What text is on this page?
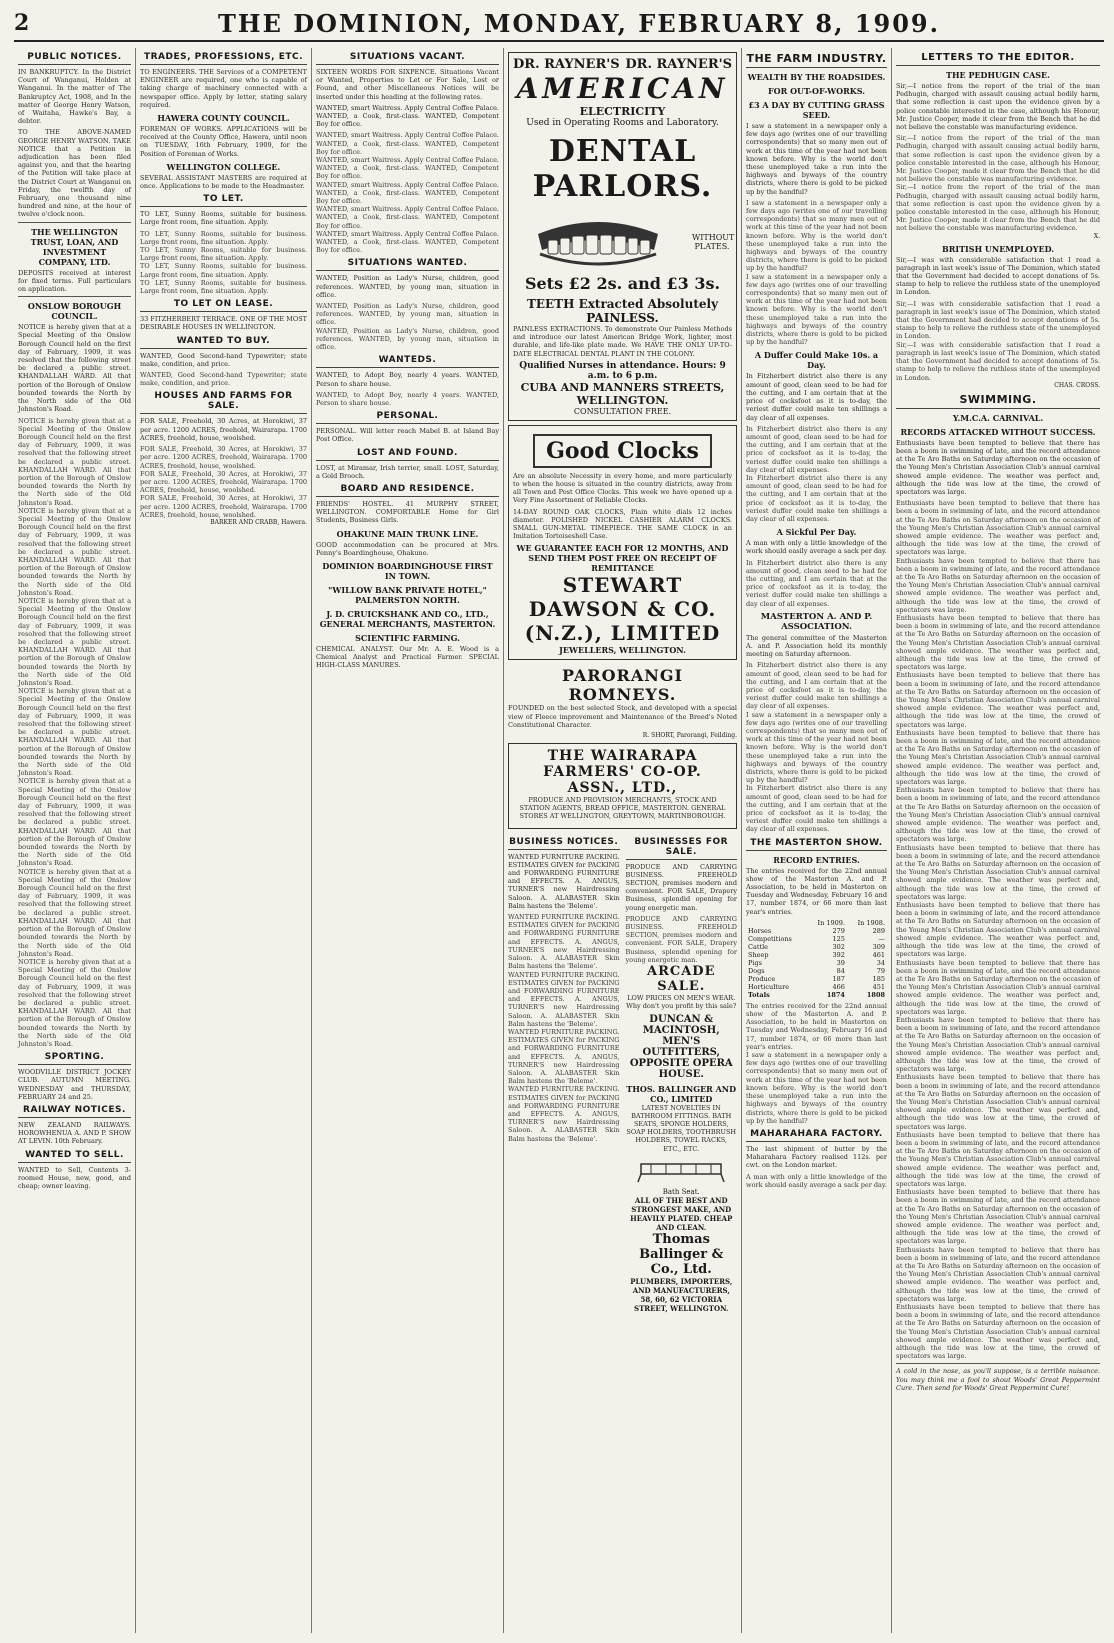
2	THE DOMINION, MONDAY, FEBRUARY 8, 1909.
PUBLIC NOTICES.
IN BANKRUPTCY. In the District Court of Wanganui, Holden at Wanganui. In the matter of The Bankruptcy Act, 1908, and In the matter of George Henry Watson, of Waitaha, Hawke's Bay, a debtor.
TO THE ABOVE-NAMED GEORGE HENRY WATSON. TAKE NOTICE that a Petition in adjudication has been filed against you, and that the hearing of the Petition will take place at the District Court at Wanganui on Friday, the twelfth day of February, one thousand nine hundred and nine, at the hour of twelve o'clock noon.
THE WELLINGTON TRUST, LOAN, AND INVESTMENT COMPANY, LTD.
DEPOSITS received at interest for fixed terms. Full particulars on application.
ONSLOW BOROUGH COUNCIL.
NOTICE is hereby given that at a Special Meeting of the Onslow Borough Council held on the first day of February, 1909, it was resolved that the following street be declared a public street. KHANDALLAH WARD. All that portion of the Borough of Onslow bounded towards the North by the North side of the Old Johnston's Road.
NOTICE is hereby given that at a Special Meeting of the Onslow Borough Council held on the first day of February, 1909, it was resolved that the following street be declared a public street. KHANDALLAH WARD. All that portion of the Borough of Onslow bounded towards the North by the North side of the Old Johnston's Road.
NOTICE is hereby given that at a Special Meeting of the Onslow Borough Council held on the first day of February, 1909, it was resolved that the following street be declared a public street. KHANDALLAH WARD. All that portion of the Borough of Onslow bounded towards the North by the North side of the Old Johnston's Road.
NOTICE is hereby given that at a Special Meeting of the Onslow Borough Council held on the first day of February, 1909, it was resolved that the following street be declared a public street. KHANDALLAH WARD. All that portion of the Borough of Onslow bounded towards the North by the North side of the Old Johnston's Road.
NOTICE is hereby given that at a Special Meeting of the Onslow Borough Council held on the first day of February, 1909, it was resolved that the following street be declared a public street. KHANDALLAH WARD. All that portion of the Borough of Onslow bounded towards the North by the North side of the Old Johnston's Road.
NOTICE is hereby given that at a Special Meeting of the Onslow Borough Council held on the first day of February, 1909, it was resolved that the following street be declared a public street. KHANDALLAH WARD. All that portion of the Borough of Onslow bounded towards the North by the North side of the Old Johnston's Road.
NOTICE is hereby given that at a Special Meeting of the Onslow Borough Council held on the first day of February, 1909, it was resolved that the following street be declared a public street. KHANDALLAH WARD. All that portion of the Borough of Onslow bounded towards the North by the North side of the Old Johnston's Road.
NOTICE is hereby given that at a Special Meeting of the Onslow Borough Council held on the first day of February, 1909, it was resolved that the following street be declared a public street. KHANDALLAH WARD. All that portion of the Borough of Onslow bounded towards the North by the North side of the Old Johnston's Road.
SPORTING.
WOODVILLE DISTRICT JOCKEY CLUB. AUTUMN MEETING. WEDNESDAY and THURSDAY, FEBRUARY 24 and 25.
RAILWAY NOTICES.
NEW ZEALAND RAILWAYS. HOROWHENUA A. AND P. SHOW AT LEVIN. 10th February.
WANTED TO SELL.
WANTED to Sell, Contents 3-roomed House, new, good, and cheap; owner leaving.
TRADES, PROFESSIONS, ETC.
TO ENGINEERS. THE Services of a COMPETENT ENGINEER are required, one who is capable of taking charge of machinery connected with a newspaper office. Apply by letter, stating salary required.
HAWERA COUNTY COUNCIL.
FOREMAN OF WORKS. APPLICATIONS will be received at the County Office, Hawera, until noon on TUESDAY, 16th February, 1909, for the Position of Foreman of Works.
WELLINGTON COLLEGE.
SEVERAL ASSISTANT MASTERS are required at once. Applications to be made to the Headmaster.
TO LET.
TO LET, Sunny Rooms, suitable for business. Large front room, fine situation. Apply.
TO LET, Sunny Rooms, suitable for business. Large front room, fine situation. Apply.
TO LET, Sunny Rooms, suitable for business. Large front room, fine situation. Apply.
TO LET, Sunny Rooms, suitable for business. Large front room, fine situation. Apply.
TO LET, Sunny Rooms, suitable for business. Large front room, fine situation. Apply.
TO LET ON LEASE.
33 FITZHERBERT TERRACE. ONE OF THE MOST DESIRABLE HOUSES IN WELLINGTON.
WANTED TO BUY.
WANTED, Good Second-hand Typewriter; state make, condition, and price.
WANTED, Good Second-hand Typewriter; state make, condition, and price.
HOUSES AND FARMS FOR SALE.
FOR SALE, Freehold, 30 Acres, at Horokiwi, 37 per acre. 1200 ACRES, freehold, Wairarapa. 1700 ACRES, freehold, house, woolshed.
FOR SALE, Freehold, 30 Acres, at Horokiwi, 37 per acre. 1200 ACRES, freehold, Wairarapa. 1700 ACRES, freehold, house, woolshed.
FOR SALE, Freehold, 30 Acres, at Horokiwi, 37 per acre. 1200 ACRES, freehold, Wairarapa. 1700 ACRES, freehold, house, woolshed.
FOR SALE, Freehold, 30 Acres, at Horokiwi, 37 per acre. 1200 ACRES, freehold, Wairarapa. 1700 ACRES, freehold, house, woolshed.
BARKER AND CRABB, Hawera.
SITUATIONS VACANT.
SIXTEEN WORDS FOR SIXPENCE. Situations Vacant or Wanted, Properties to Let or For Sale, Lost or Found, and other Miscellaneous Notices will be inserted under this heading at the following rates.
WANTED, smart Waitress. Apply Central Coffee Palace. WANTED, a Cook, first-class. WANTED, Competent Boy for office.
WANTED, smart Waitress. Apply Central Coffee Palace. WANTED, a Cook, first-class. WANTED, Competent Boy for office.
WANTED, smart Waitress. Apply Central Coffee Palace. WANTED, a Cook, first-class. WANTED, Competent Boy for office.
WANTED, smart Waitress. Apply Central Coffee Palace. WANTED, a Cook, first-class. WANTED, Competent Boy for office.
WANTED, smart Waitress. Apply Central Coffee Palace. WANTED, a Cook, first-class. WANTED, Competent Boy for office.
WANTED, smart Waitress. Apply Central Coffee Palace. WANTED, a Cook, first-class. WANTED, Competent Boy for office.
SITUATIONS WANTED.
WANTED, Position as Lady's Nurse, children, good references. WANTED, by young man, situation in office.
WANTED, Position as Lady's Nurse, children, good references. WANTED, by young man, situation in office.
WANTED, Position as Lady's Nurse, children, good references. WANTED, by young man, situation in office.
WANTEDS.
WANTED, to Adopt Boy, nearly 4 years. WANTED, Person to share house.
WANTED, to Adopt Boy, nearly 4 years. WANTED, Person to share house.
PERSONAL.
PERSONAL. Will letter reach Mabel B. at Island Bay Post Office.
LOST AND FOUND.
LOST, at Miramar, Irish terrier, small. LOST, Saturday, a Gold Brooch.
BOARD AND RESIDENCE.
FRIENDS' HOSTEL. 41 MURPHY STREET, WELLINGTON. COMFORTABLE Home for Girl Students, Business Girls.
OHAKUNE MAIN TRUNK LINE.
GOOD accommodation can be procured at Mrs. Penny's Boardinghouse, Ohakune.
DOMINION BOARDINGHOUSE FIRST IN TOWN.
"WILLOW BANK PRIVATE HOTEL," PALMERSTON NORTH.
J. D. CRUICKSHANK AND CO., LTD., GENERAL MERCHANTS, MASTERTON.
SCIENTIFIC FARMING.
CHEMICAL ANALYST. Our Mr. A. E. Wood is a Chemical Analyst and Practical Farmer. SPECIAL HIGH-CLASS MANURES.
DR. RAYNER'S DR. RAYNER'S
AMERICAN
ELECTRICITY
Used in Operating Rooms and Laboratory.
DENTAL PARLORS.
WITHOUT PLATES.
Sets £2 2s. and £3 3s.
TEETH Extracted Absolutely PAINLESS.
PAINLESS EXTRACTIONS. To demonstrate Our Painless Methods and introduce our latest American Bridge Work, lighter, most durable, and life-like plate made. We HAVE THE ONLY UP-TO-DATE ELECTRICAL DENTAL PLANT IN THE COLONY.
Qualified Nurses in attendance. Hours: 9 a.m. to 6 p.m.
CUBA AND MANNERS STREETS, WELLINGTON.
CONSULTATION FREE.
Good Clocks
Are an absolute Necessity in every home, and more particularly to when the house is situated in the country districts, away from all Town and Post Office Clocks. This week we have opened up a Very Fine Assortment of Reliable Clocks.
14-DAY ROUND OAK CLOCKS, Plain white dials 12 inches diameter. POLISHED NICKEL CASHIER ALARM CLOCKS. SMALL GUN-METAL TIMEPIECE. THE SAME CLOCK in an Imitation Tortoiseshell Case.
WE GUARANTEE EACH FOR 12 MONTHS, AND SEND THEM POST FREE ON RECEIPT OF REMITTANCE
STEWART DAWSON & CO. (N.Z.), LIMITED
JEWELLERS, WELLINGTON.
PARORANGI ROMNEYS.
FOUNDED on the best selected Stock, and developed with a special view of Fleece improvement and Maintenance of the Breed's Noted Constitutional Character.
R. SHORT, Parorangi, Feilding.
THE WAIRARAPA FARMERS' CO-OP. ASSN., LTD.,
PRODUCE AND PROVISION MERCHANTS, STOCK AND STATION AGENTS, BREAD OFFICE, MASTERTON. GENERAL STORES AT WELLINGTON, GREYTOWN, MARTINBOROUGH.
BUSINESS NOTICES.
WANTED FURNITURE PACKING. ESTIMATES GIVEN for PACKING and FORWARDING FURNITURE and EFFECTS. A. ANGUS, TURNER'S new Hairdressing Saloon. A. ALABASTER Skin Balm hastens the 'Beleme'.
WANTED FURNITURE PACKING. ESTIMATES GIVEN for PACKING and FORWARDING FURNITURE and EFFECTS. A. ANGUS, TURNER'S new Hairdressing Saloon. A. ALABASTER Skin Balm hastens the 'Beleme'.
WANTED FURNITURE PACKING. ESTIMATES GIVEN for PACKING and FORWARDING FURNITURE and EFFECTS. A. ANGUS, TURNER'S new Hairdressing Saloon. A. ALABASTER Skin Balm hastens the 'Beleme'.
WANTED FURNITURE PACKING. ESTIMATES GIVEN for PACKING and FORWARDING FURNITURE and EFFECTS. A. ANGUS, TURNER'S new Hairdressing Saloon. A. ALABASTER Skin Balm hastens the 'Beleme'.
WANTED FURNITURE PACKING. ESTIMATES GIVEN for PACKING and FORWARDING FURNITURE and EFFECTS. A. ANGUS, TURNER'S new Hairdressing Saloon. A. ALABASTER Skin Balm hastens the 'Beleme'.
BUSINESSES FOR SALE.
PRODUCE AND CARRYING BUSINESS. FREEHOLD SECTION, premises modern and convenient. FOR SALE, Drapery Business, splendid opening for young energetic man.
PRODUCE AND CARRYING BUSINESS. FREEHOLD SECTION, premises modern and convenient. FOR SALE, Drapery Business, splendid opening for young energetic man.
ARCADE SALE.
LOW PRICES ON MEN'S WEAR. Why don't you profit by this sale?
DUNCAN & MACINTOSH, MEN'S OUTFITTERS, OPPOSITE OPERA HOUSE.
THOS. BALLINGER AND CO., LIMITED
LATEST NOVELTIES IN BATHROOM FITTINGS. BATH SEATS, SPONGE HOLDERS, SOAP HOLDERS, TOOTHBRUSH HOLDERS, TOWEL RACKS, ETC., ETC.
Bath Seat.
ALL OF THE BEST AND STRONGEST MAKE, AND HEAVILY PLATED. CHEAP AND CLEAN.
Thomas Ballinger & Co., Ltd.
PLUMBERS, IMPORTERS, AND MANUFACTURERS, 58, 60, 62 VICTORIA STREET, WELLINGTON.
THE FARM INDUSTRY.
WEALTH BY THE ROADSIDES.
FOR OUT-OF-WORKS.
£3 A DAY BY CUTTING GRASS SEED.
I saw a statement in a newspaper only a few days ago (writes one of our travelling correspondents) that so many men out of work at this time of the year had not been known before. Why is the world don't these unemployed take a run into the highways and byways of the country districts, where there is gold to be picked up by the handful?
I saw a statement in a newspaper only a few days ago (writes one of our travelling correspondents) that so many men out of work at this time of the year had not been known before. Why is the world don't these unemployed take a run into the highways and byways of the country districts, where there is gold to be picked up by the handful?
I saw a statement in a newspaper only a few days ago (writes one of our travelling correspondents) that so many men out of work at this time of the year had not been known before. Why is the world don't these unemployed take a run into the highways and byways of the country districts, where there is gold to be picked up by the handful?
A Duffer Could Make 10s. a Day.
In Fitzherbert district also there is any amount of good, clean seed to be had for the cutting, and I am certain that at the price of cocksfoot as it is to-day, the veriest duffer could make ten shillings a day clear of all expenses.
In Fitzherbert district also there is any amount of good, clean seed to be had for the cutting, and I am certain that at the price of cocksfoot as it is to-day, the veriest duffer could make ten shillings a day clear of all expenses.
In Fitzherbert district also there is any amount of good, clean seed to be had for the cutting, and I am certain that at the price of cocksfoot as it is to-day, the veriest duffer could make ten shillings a day clear of all expenses.
A Sickful Per Day.
A man with only a little knowledge of the work should easily average a sack per day.
In Fitzherbert district also there is any amount of good, clean seed to be had for the cutting, and I am certain that at the price of cocksfoot as it is to-day, the veriest duffer could make ten shillings a day clear of all expenses.
MASTERTON A. AND P. ASSOCIATION.
The general committee of the Masterton A. and P. Association held its monthly meeting on Saturday afternoon.
In Fitzherbert district also there is any amount of good, clean seed to be had for the cutting, and I am certain that at the price of cocksfoot as it is to-day, the veriest duffer could make ten shillings a day clear of all expenses.
I saw a statement in a newspaper only a few days ago (writes one of our travelling correspondents) that so many men out of work at this time of the year had not been known before. Why is the world don't these unemployed take a run into the highways and byways of the country districts, where there is gold to be picked up by the handful?
In Fitzherbert district also there is any amount of good, clean seed to be had for the cutting, and I am certain that at the price of cocksfoot as it is to-day, the veriest duffer could make ten shillings a day clear of all expenses.
THE MASTERTON SHOW.
RECORD ENTRIES.
The entries received for the 22nd annual show of the Masterton A. and P. Association, to be held in Masterton on Tuesday and Wednesday, February 16 and 17, number 1874, or 66 more than last year's entries.
	In 1909.	In 1908.
Horses	279	289
Competitions	125	—
Cattle	302	309
Sheep	392	461
Pigs	39	34
Dogs	84	79
Produce	187	185
Horticulture	466	451
Totals	1874	1808
The entries received for the 22nd annual show of the Masterton A. and P. Association, to be held in Masterton on Tuesday and Wednesday, February 16 and 17, number 1874, or 66 more than last year's entries.
I saw a statement in a newspaper only a few days ago (writes one of our travelling correspondents) that so many men out of work at this time of the year had not been known before. Why is the world don't these unemployed take a run into the highways and byways of the country districts, where there is gold to be picked up by the handful?
MAHARAHARA FACTORY.
The last shipment of butter by the Maharahara Factory realised 112s. per cwt. on the London market.
A man with only a little knowledge of the work should easily average a sack per day.
LETTERS TO THE EDITOR.
THE PEDHUGIN CASE.
Sir,—I notice from the report of the trial of the man Pedhugin, charged with assault causing actual bodily harm, that some reflection is cast upon the evidence given by a police constable interested in the case, although his Honour, Mr. Justice Cooper, made it clear from the Bench that he did not believe the constable was manufacturing evidence.
Sir,—I notice from the report of the trial of the man Pedhugin, charged with assault causing actual bodily harm, that some reflection is cast upon the evidence given by a police constable interested in the case, although his Honour, Mr. Justice Cooper, made it clear from the Bench that he did not believe the constable was manufacturing evidence.
Sir,—I notice from the report of the trial of the man Pedhugin, charged with assault causing actual bodily harm, that some reflection is cast upon the evidence given by a police constable interested in the case, although his Honour, Mr. Justice Cooper, made it clear from the Bench that he did not believe the constable was manufacturing evidence.
X.
BRITISH UNEMPLOYED.
Sir,—I was with considerable satisfaction that I read a paragraph in last week's issue of The Dominion, which stated that the Government had decided to accept donations of 5s. stamp to help to relieve the ruthless state of the unemployed in London.
Sir,—I was with considerable satisfaction that I read a paragraph in last week's issue of The Dominion, which stated that the Government had decided to accept donations of 5s. stamp to help to relieve the ruthless state of the unemployed in London.
Sir,—I was with considerable satisfaction that I read a paragraph in last week's issue of The Dominion, which stated that the Government had decided to accept donations of 5s. stamp to help to relieve the ruthless state of the unemployed in London.
CHAS. CROSS.
SWIMMING.
Y.M.C.A. CARNIVAL.
RECORDS ATTACKED WITHOUT SUCCESS.
Enthusiasts have been tempted to believe that there has been a boom in swimming of late, and the record attendance at the Te Aro Baths on Saturday afternoon on the occasion of the Young Men's Christian Association Club's annual carnival showed ample evidence. The weather was perfect and, although the tide was low at the time, the crowd of spectators was large.
Enthusiasts have been tempted to believe that there has been a boom in swimming of late, and the record attendance at the Te Aro Baths on Saturday afternoon on the occasion of the Young Men's Christian Association Club's annual carnival showed ample evidence. The weather was perfect and, although the tide was low at the time, the crowd of spectators was large.
Enthusiasts have been tempted to believe that there has been a boom in swimming of late, and the record attendance at the Te Aro Baths on Saturday afternoon on the occasion of the Young Men's Christian Association Club's annual carnival showed ample evidence. The weather was perfect and, although the tide was low at the time, the crowd of spectators was large.
Enthusiasts have been tempted to believe that there has been a boom in swimming of late, and the record attendance at the Te Aro Baths on Saturday afternoon on the occasion of the Young Men's Christian Association Club's annual carnival showed ample evidence. The weather was perfect and, although the tide was low at the time, the crowd of spectators was large.
Enthusiasts have been tempted to believe that there has been a boom in swimming of late, and the record attendance at the Te Aro Baths on Saturday afternoon on the occasion of the Young Men's Christian Association Club's annual carnival showed ample evidence. The weather was perfect and, although the tide was low at the time, the crowd of spectators was large.
Enthusiasts have been tempted to believe that there has been a boom in swimming of late, and the record attendance at the Te Aro Baths on Saturday afternoon on the occasion of the Young Men's Christian Association Club's annual carnival showed ample evidence. The weather was perfect and, although the tide was low at the time, the crowd of spectators was large.
Enthusiasts have been tempted to believe that there has been a boom in swimming of late, and the record attendance at the Te Aro Baths on Saturday afternoon on the occasion of the Young Men's Christian Association Club's annual carnival showed ample evidence. The weather was perfect and, although the tide was low at the time, the crowd of spectators was large.
Enthusiasts have been tempted to believe that there has been a boom in swimming of late, and the record attendance at the Te Aro Baths on Saturday afternoon on the occasion of the Young Men's Christian Association Club's annual carnival showed ample evidence. The weather was perfect and, although the tide was low at the time, the crowd of spectators was large.
Enthusiasts have been tempted to believe that there has been a boom in swimming of late, and the record attendance at the Te Aro Baths on Saturday afternoon on the occasion of the Young Men's Christian Association Club's annual carnival showed ample evidence. The weather was perfect and, although the tide was low at the time, the crowd of spectators was large.
Enthusiasts have been tempted to believe that there has been a boom in swimming of late, and the record attendance at the Te Aro Baths on Saturday afternoon on the occasion of the Young Men's Christian Association Club's annual carnival showed ample evidence. The weather was perfect and, although the tide was low at the time, the crowd of spectators was large.
Enthusiasts have been tempted to believe that there has been a boom in swimming of late, and the record attendance at the Te Aro Baths on Saturday afternoon on the occasion of the Young Men's Christian Association Club's annual carnival showed ample evidence. The weather was perfect and, although the tide was low at the time, the crowd of spectators was large.
Enthusiasts have been tempted to believe that there has been a boom in swimming of late, and the record attendance at the Te Aro Baths on Saturday afternoon on the occasion of the Young Men's Christian Association Club's annual carnival showed ample evidence. The weather was perfect and, although the tide was low at the time, the crowd of spectators was large.
Enthusiasts have been tempted to believe that there has been a boom in swimming of late, and the record attendance at the Te Aro Baths on Saturday afternoon on the occasion of the Young Men's Christian Association Club's annual carnival showed ample evidence. The weather was perfect and, although the tide was low at the time, the crowd of spectators was large.
Enthusiasts have been tempted to believe that there has been a boom in swimming of late, and the record attendance at the Te Aro Baths on Saturday afternoon on the occasion of the Young Men's Christian Association Club's annual carnival showed ample evidence. The weather was perfect and, although the tide was low at the time, the crowd of spectators was large.
Enthusiasts have been tempted to believe that there has been a boom in swimming of late, and the record attendance at the Te Aro Baths on Saturday afternoon on the occasion of the Young Men's Christian Association Club's annual carnival showed ample evidence. The weather was perfect and, although the tide was low at the time, the crowd of spectators was large.
Enthusiasts have been tempted to believe that there has been a boom in swimming of late, and the record attendance at the Te Aro Baths on Saturday afternoon on the occasion of the Young Men's Christian Association Club's annual carnival showed ample evidence. The weather was perfect and, although the tide was low at the time, the crowd of spectators was large.
A cold in the nose, as you'll suppose, is a terrible nuisance. You may think me a fool to shout Woods' Great Peppermint Cure. Then send for Woods' Great Peppermint Cure!
